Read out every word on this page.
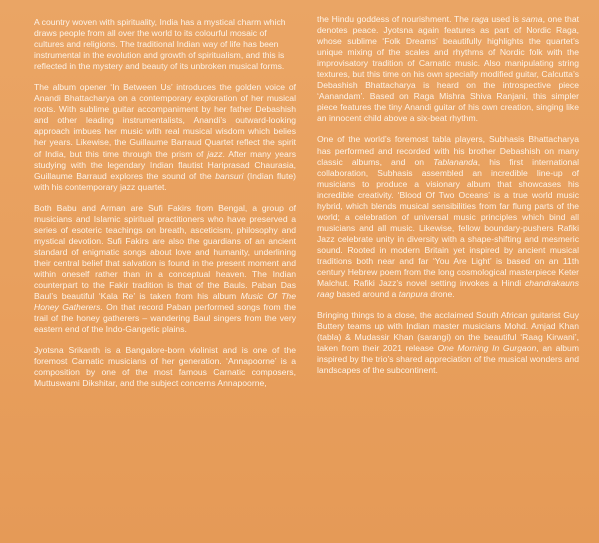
A country woven with spirituality, India has a mystical charm which draws people from all over the world to its colourful mosaic of cultures and religions. The traditional Indian way of life has been instrumental in the evolution and growth of spiritualism, and this is reflected in the mystery and beauty of its unbroken musical forms.

The album opener ‘In Between Us’ introduces the golden voice of Anandi Bhattacharya on a contemporary exploration of her musical roots. With sublime guitar accompaniment by her father Debashish and other leading instrumentalists, Anandi’s outward-looking approach imbues her music with real musical wisdom which belies her years. Likewise, the Guillaume Barraud Quartet reflect the spirit of India, but this time through the prism of jazz. After many years studying with the legendary Indian flautist Hariprasad Chaurasia, Guillaume Barraud explores the sound of the bansuri (Indian flute) with his contemporary jazz quartet.

Both Babu and Arman are Sufi Fakirs from Bengal, a group of musicians and Islamic spiritual practitioners who have preserved a series of esoteric teachings on breath, asceticism, philosophy and mystical devotion. Sufi Fakirs are also the guardians of an ancient standard of enigmatic songs about love and humanity, underlining their central belief that salvation is found in the present moment and within oneself rather than in a conceptual heaven. The Indian counterpart to the Fakir tradition is that of the Bauls. Paban Das Baul’s beautiful ‘Kala Re’ is taken from his album Music Of The Honey Gatherers. On that record Paban performed songs from the trail of the honey gatherers – wandering Baul singers from the very eastern end of the Indo-Gangetic plains.

Jyotsna Srikanth is a Bangalore-born violinist and is one of the foremost Carnatic musicians of her generation. ‘Annapoorne’ is a composition by one of the most famous Carnatic composers, Muttuswami Dikshitar, and the subject concerns Annapoorne,

the Hindu goddess of nourishment. The raga used is sama, one that denotes peace. Jyotsna again features as part of Nordic Raga, whose sublime ‘Folk Dreams’ beautifully highlights the quartet’s unique mixing of the scales and rhythms of Nordic folk with the improvisatory tradition of Carnatic music. Also manipulating string textures, but this time on his own specially modified guitar, Calcutta’s Debashish Bhattacharya is heard on the introspective piece ‘Aanandam’. Based on Raga Mishra Shiva Ranjani, this simpler piece features the tiny Anandi guitar of his own creation, singing like an innocent child above a six-beat rhythm.

One of the world’s foremost tabla players, Subhasis Bhattacharya has performed and recorded with his brother Debashish on many classic albums, and on Tablananda, his first international collaboration, Subhasis assembled an incredible line-up of musicians to produce a visionary album that showcases his incredible creativity. ‘Blood Of Two Oceans’ is a true world music hybrid, which blends musical sensibilities from far flung parts of the world; a celebration of universal music principles which bind all musicians and all music. Likewise, fellow boundary-pushers Rafiki Jazz celebrate unity in diversity with a shape-shifting and mesmeric sound. Rooted in modern Britain yet inspired by ancient musical traditions both near and far ‘You Are Light’ is based on an 11th century Hebrew poem from the long cosmological masterpiece Keter Malchut. Rafiki Jazz’s novel setting invokes a Hindi chandrakauns raag based around a tanpura drone.

Bringing things to a close, the acclaimed South African guitarist Guy Buttery teams up with Indian master musicians Mohd. Amjad Khan (tabla) & Mudassir Khan (sarangi) on the beautiful ‘Raag Kirwani’, taken from their 2021 release One Morning In Gurgaon, an album inspired by the trio’s shared appreciation of the musical wonders and landscapes of the subcontinent.
